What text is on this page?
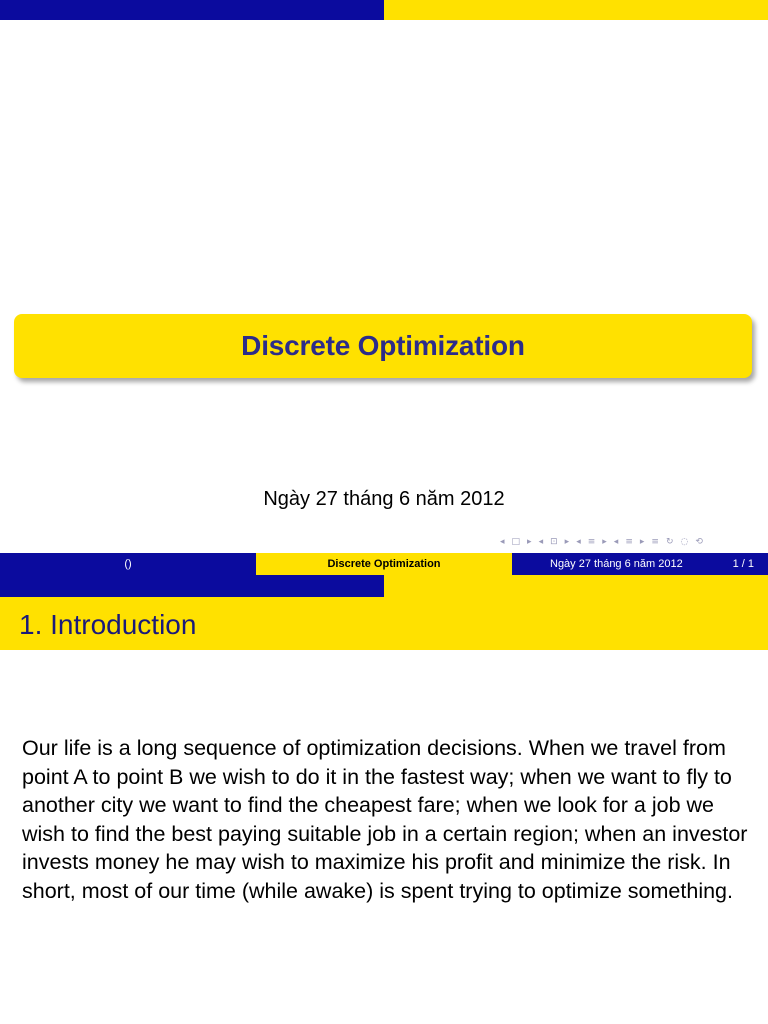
Discrete Optimization
Ngày 27 tháng 6 năm 2012
◂ □ ▸ ◂ ⊡ ▸ ◂ ≡ ▸ ◂ ≡ ▸ ≡ ↻ ◌ ⟲
()	Discrete Optimization	Ngày 27 tháng 6 năm 2012	1 / 1
1. Introduction
Our life is a long sequence of optimization decisions. When we travel from point A to point B we wish to do it in the fastest way; when we want to fly to another city we want to find the cheapest fare; when we look for a job we wish to find the best paying suitable job in a certain region; when an investor invests money he may wish to maximize his profit and minimize the risk. In short, most of our time (while awake) is spent trying to optimize something.
